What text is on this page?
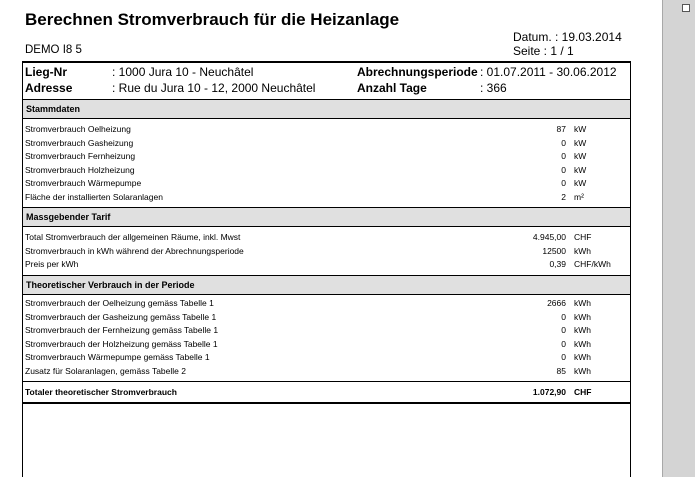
Berechnen Stromverbrauch für die Heizanlage
Datum. : 19.03.2014
Seite : 1 / 1
DEMO I8 5
Lieg-Nr	: 1000 Jura 10 - Neuchâtel	Abrechnungsperiode : 01.07.2011 - 30.06.2012
Adresse	: Rue du Jura 10 - 12, 2000 Neuchâtel	Anzahl Tage	: 366
Stammdaten
Stromverbrauch Oelheizung	87 kW
Stromverbrauch Gasheizung	0 kW
Stromverbrauch Fernheizung	0 kW
Stromverbrauch Holzheizung	0 kW
Stromverbrauch Wärmepumpe	0 kW
Fläche der installierten Solaranlagen	2 m²
Massgebender Tarif
Total Stromverbrauch der allgemeinen Räume, inkl. Mwst	4.945,00 CHF
Stromverbrauch in kWh während der Abrechnungsperiode	12500 kWh
Preis per kWh	0,39 CHF/kWh
Theoretischer Verbrauch in der Periode
Stromverbrauch der Oelheizung gemäss Tabelle 1	2666 kWh
Stromverbrauch der Gasheizung gemäss Tabelle 1	0 kWh
Stromverbrauch der Fernheizung gemäss Tabelle 1	0 kWh
Stromverbrauch der Holzheizung gemäss Tabelle 1	0 kWh
Stromverbrauch Wärmepumpe gemäss Tabelle 1	0 kWh
Zusatz für Solaranlagen, gemäss Tabelle 2	85 kWh
Totaler theoretischer Stromverbrauch	1.072,90 CHF
